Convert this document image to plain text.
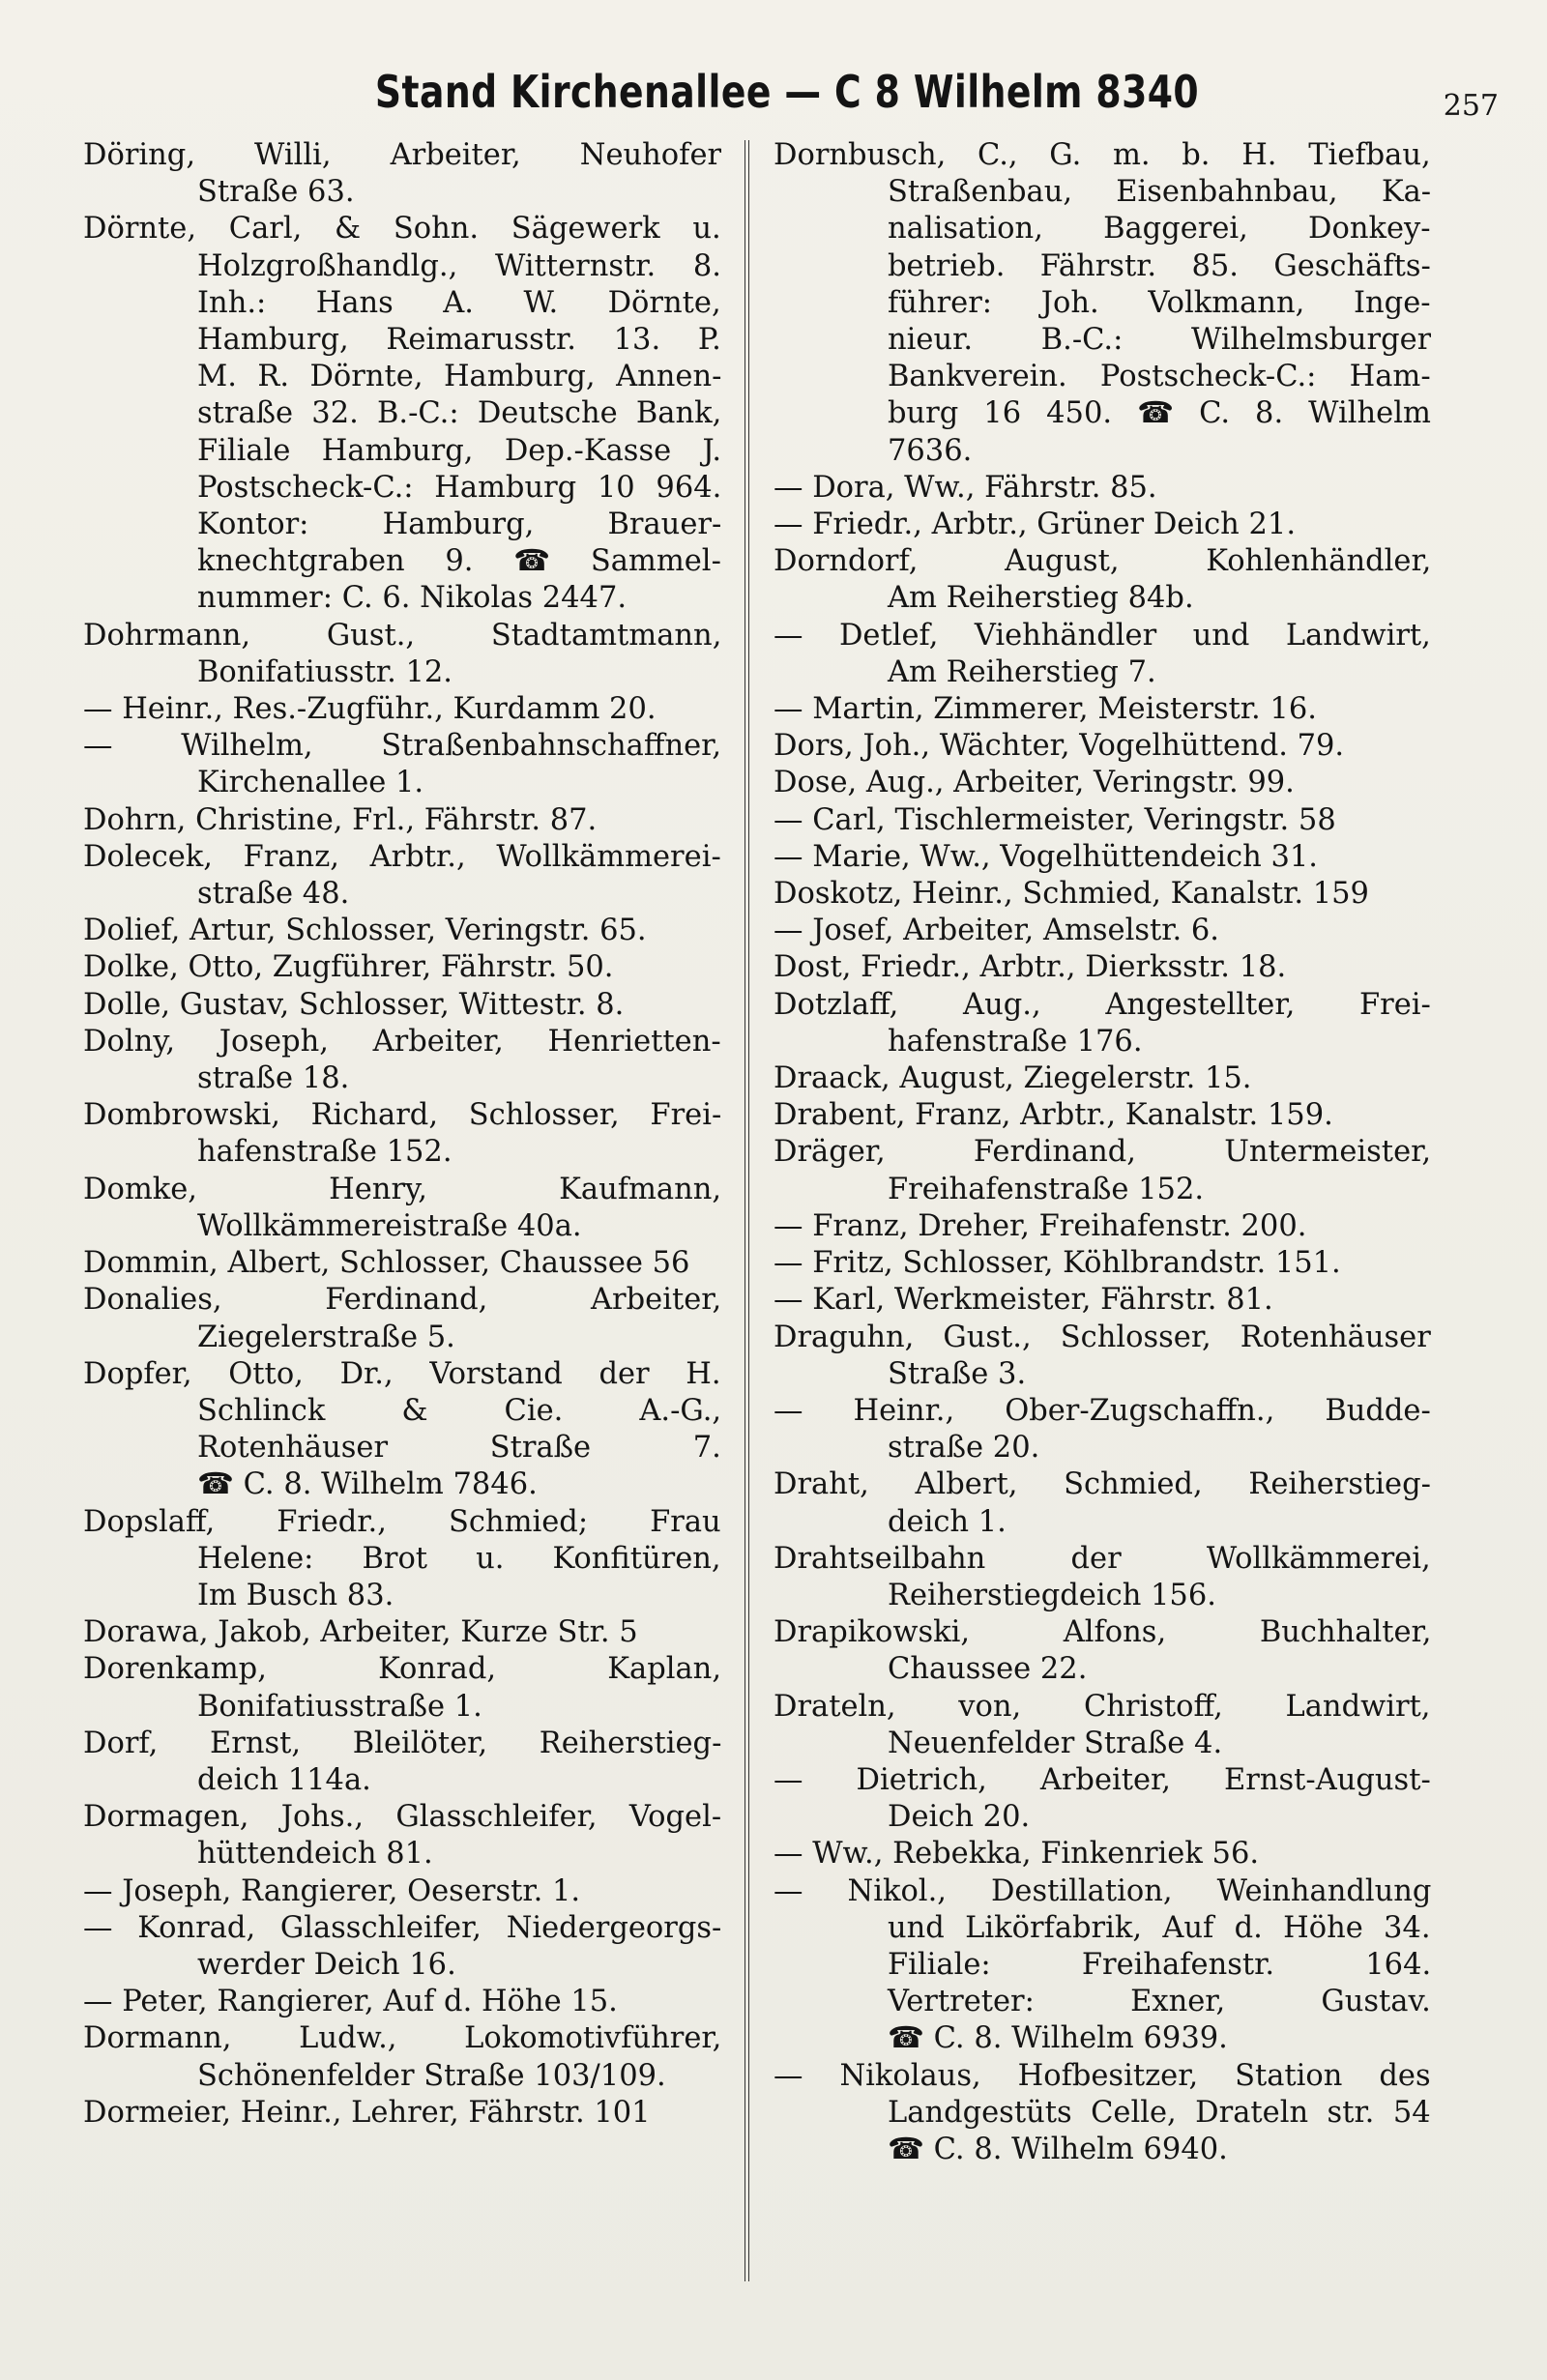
Stand Kirchenallee — C 8 Wilhelm 8340	257
Döring, Willi, Arbeiter, Neuhofer
Straße 63.
Dörnte, Carl, & Sohn. Sägewerk u.
Holzgroßhandlg., Witternstr. 8.
Inh.: Hans A. W. Dörnte,
Hamburg, Reimarusstr. 13. P.
M. R. Dörnte, Hamburg, Annen-
straße 32. B.-C.: Deutsche Bank,
Filiale Hamburg, Dep.-Kasse J.
Postscheck-C.: Hamburg 10 964.
Kontor: Hamburg, Brauer-
knechtgraben 9. ☎ Sammel-
nummer: C. 6. Nikolas 2447.
Dohrmann, Gust., Stadtamtmann,
Bonifatiusstr. 12.
— Heinr., Res.-Zugführ., Kurdamm 20.
— Wilhelm, Straßenbahnschaffner,
Kirchenallee 1.
Dohrn, Christine, Frl., Fährstr. 87.
Dolecek, Franz, Arbtr., Wollkämmerei-
straße 48.
Dolief, Artur, Schlosser, Veringstr. 65.
Dolke, Otto, Zugführer, Fährstr. 50.
Dolle, Gustav, Schlosser, Wittestr. 8.
Dolny, Joseph, Arbeiter, Henrietten-
straße 18.
Dombrowski, Richard, Schlosser, Frei-
hafenstraße 152.
Domke, Henry, Kaufmann,
Wollkämmereistraße 40a.
Dommin, Albert, Schlosser, Chaussee 56
Donalies, Ferdinand, Arbeiter,
Ziegelerstraße 5.
Dopfer, Otto, Dr., Vorstand der H.
Schlinck & Cie. A.-G.,
Rotenhäuser Straße 7.
☎ C. 8. Wilhelm 7846.
Dopslaff, Friedr., Schmied; Frau
Helene: Brot u. Konfitüren,
Im Busch 83.
Dorawa, Jakob, Arbeiter, Kurze Str. 5
Dorenkamp, Konrad, Kaplan,
Bonifatiusstraße 1.
Dorf, Ernst, Bleilöter, Reiherstieg-
deich 114a.
Dormagen, Johs., Glasschleifer, Vogel-
hüttendeich 81.
— Joseph, Rangierer, Oeserstr. 1.
— Konrad, Glasschleifer, Niedergeorgs-
werder Deich 16.
— Peter, Rangierer, Auf d. Höhe 15.
Dormann, Ludw., Lokomotivführer,
Schönenfelder Straße 103/109.
Dormeier, Heinr., Lehrer, Fährstr. 101
Dornbusch, C., G. m. b. H. Tiefbau,
Straßenbau, Eisenbahnbau, Ka-
nalisation, Baggerei, Donkey-
betrieb. Fährstr. 85. Geschäfts-
führer: Joh. Volkmann, Inge-
nieur. B.-C.: Wilhelmsburger
Bankverein. Postscheck-C.: Ham-
burg 16 450. ☎ C. 8. Wilhelm
7636.
— Dora, Ww., Fährstr. 85.
— Friedr., Arbtr., Grüner Deich 21.
Dorndorf, August, Kohlenhändler,
Am Reiherstieg 84b.
— Detlef, Viehhändler und Landwirt,
Am Reiherstieg 7.
— Martin, Zimmerer, Meisterstr. 16.
Dors, Joh., Wächter, Vogelhüttend. 79.
Dose, Aug., Arbeiter, Veringstr. 99.
— Carl, Tischlermeister, Veringstr. 58
— Marie, Ww., Vogelhüttendeich 31.
Doskotz, Heinr., Schmied, Kanalstr. 159
— Josef, Arbeiter, Amselstr. 6.
Dost, Friedr., Arbtr., Dierksstr. 18.
Dotzlaff, Aug., Angestellter, Frei-
hafenstraße 176.
Draack, August, Ziegelerstr. 15.
Drabent, Franz, Arbtr., Kanalstr. 159.
Dräger, Ferdinand, Untermeister,
Freihafenstraße 152.
— Franz, Dreher, Freihafenstr. 200.
— Fritz, Schlosser, Köhlbrandstr. 151.
— Karl, Werkmeister, Fährstr. 81.
Draguhn, Gust., Schlosser, Rotenhäuser
Straße 3.
— Heinr., Ober-Zugschaffn., Budde-
straße 20.
Draht, Albert, Schmied, Reiherstieg-
deich 1.
Drahtseilbahn der Wollkämmerei,
Reiherstiegdeich 156.
Drapikowski, Alfons, Buchhalter,
Chaussee 22.
Drateln, von, Christoff, Landwirt,
Neuenfelder Straße 4.
— Dietrich, Arbeiter, Ernst-August-
Deich 20.
— Ww., Rebekka, Finkenriek 56.
— Nikol., Destillation, Weinhandlung
und Likörfabrik, Auf d. Höhe 34.
Filiale: Freihafenstr. 164.
Vertreter: Exner, Gustav.
☎ C. 8. Wilhelm 6939.
— Nikolaus, Hofbesitzer, Station des
Landgestüts Celle, Drateln str. 54
☎ C. 8. Wilhelm 6940.
